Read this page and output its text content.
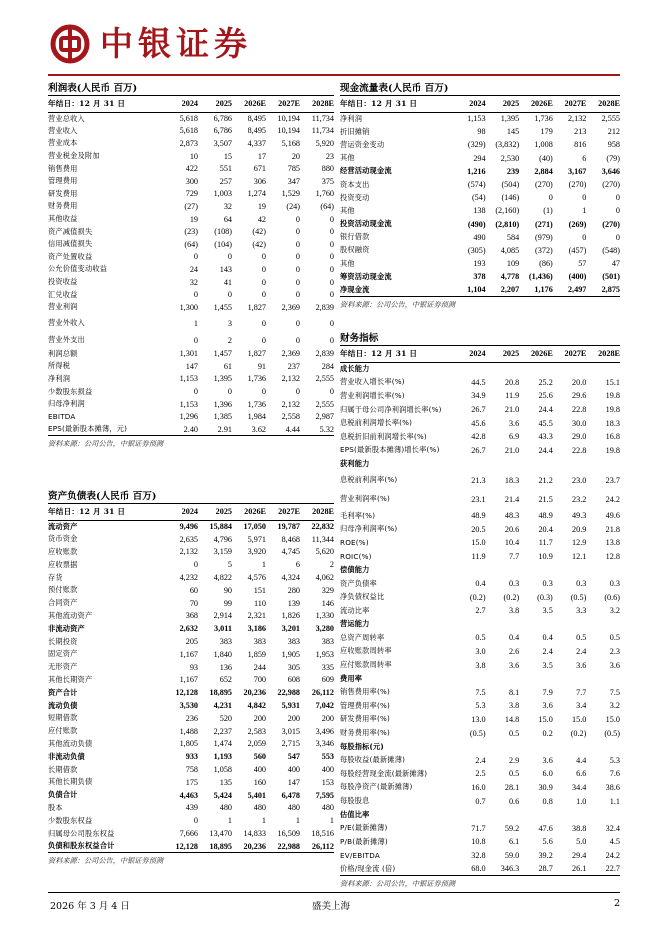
中银证券
利润表(人民币 百万)
年结日：12 月 31 日	2024	2025	2026E	2027E	2028E
营业总收入	5,618	6,786	8,495	10,194	11,734
营业收入	5,618	6,786	8,495	10,194	11,734
营业成本	2,873	3,507	4,337	5,168	5,920
营业税金及附加	10	15	17	20	23
销售费用	422	551	671	785	880
管理费用	300	257	306	347	375
研发费用	729	1,003	1,274	1,529	1,760
财务费用	(27)	32	19	(24)	(64)
其他收益	19	64	42	0	0
资产减值损失	(23)	(108)	(42)	0	0
信用减值损失	(64)	(104)	(42)	0	0
资产处置收益	0	0	0	0	0
公允价值变动收益	24	143	0	0	0
投资收益	32	41	0	0	0
汇兑收益	0	0	0	0	0
营业利润	1,300	1,455	1,827	2,369	2,839
营业外收入	1	3	0	0	0
营业外支出	0	2	0	0	0
利润总额	1,301	1,457	1,827	2,369	2,839
所得税	147	61	91	237	284
净利润	1,153	1,395	1,736	2,132	2,555
少数股东损益	0	0	0	0	0
归母净利润	1,153	1,396	1,736	2,132	2,555
EBITDA	1,296	1,385	1,984	2,558	2,987
EPS(最新股本摊薄，元)	2.40	2.91	3.62	4.44	5.32
资料来源：公司公告，中银证券预测
资产负债表(人民币 百万)
年结日：12 月 31 日	2024	2025	2026E	2027E	2028E
流动资产	9,496	15,884	17,050	19,787	22,832
货币资金	2,635	4,796	5,971	8,468	11,344
应收账款	2,132	3,159	3,920	4,745	5,620
应收票据	0	5	1	6	2
存货	4,232	4,822	4,576	4,324	4,062
预付账款	60	90	151	280	329
合同资产	70	99	110	139	146
其他流动资产	368	2,914	2,321	1,826	1,330
非流动资产	2,632	3,011	3,186	3,201	3,280
长期投资	205	383	383	383	383
固定资产	1,167	1,840	1,859	1,905	1,953
无形资产	93	136	244	305	335
其他长期资产	1,167	652	700	608	609
资产合计	12,128	18,895	20,236	22,988	26,112
流动负债	3,530	4,231	4,842	5,931	7,042
短期借款	236	520	200	200	200
应付账款	1,488	2,237	2,583	3,015	3,496
其他流动负债	1,805	1,474	2,059	2,715	3,346
非流动负债	933	1,193	560	547	553
长期借款	758	1,058	400	400	400
其他长期负债	175	135	160	147	153
负债合计	4,463	5,424	5,401	6,478	7,595
股本	439	480	480	480	480
少数股东权益	0	1	1	1	1
归属母公司股东权益	7,666	13,470	14,833	16,509	18,516
负债和股东权益合计	12,128	18,895	20,236	22,988	26,112
资料来源：公司公告，中银证券预测
现金流量表(人民币 百万)
年结日：12 月 31 日	2024	2025	2026E	2027E	2028E
净利润	1,153	1,395	1,736	2,132	2,555
折旧摊销	98	145	179	213	212
营运资金变动	(329)	(3,832)	1,008	816	958
其他	294	2,530	(40)	6	(79)
经营活动现金流	1,216	239	2,884	3,167	3,646
资本支出	(574)	(504)	(270)	(270)	(270)
投资变动	(54)	(146)	0	0	0
其他	138	(2,160)	(1)	1	0
投资活动现金流	(490)	(2,810)	(271)	(269)	(270)
银行借款	490	584	(979)	0	0
股权融资	(305)	4,085	(372)	(457)	(548)
其他	193	109	(86)	57	47
筹资活动现金流	378	4,778	(1,436)	(400)	(501)
净现金流	1,104	2,207	1,176	2,497	2,875
资料来源：公司公告，中银证券预测
财务指标
年结日：12 月 31 日	2024	2025	2026E	2027E	2028E
成长能力					
营业收入增长率(%)	44.5	20.8	25.2	20.0	15.1
营业利润增长率(%)	34.9	11.9	25.6	29.6	19.8
归属于母公司净利润增长率(%)	26.7	21.0	24.4	22.8	19.8
息税前利润增长率(%)	45.6	3.6	45.5	30.0	18.3
息税折旧前利润增长率(%)	42.8	6.9	43.3	29.0	16.8
EPS(最新股本摊薄)增长率(%)	26.7	21.0	24.4	22.8	19.8
获利能力					
息税前利润率(%)	21.3	18.3	21.2	23.0	23.7
营业利润率(%)	23.1	21.4	21.5	23.2	24.2
毛利率(%)	48.9	48.3	48.9	49.3	49.6
归母净利润率(%)	20.5	20.6	20.4	20.9	21.8
ROE(%)	15.0	10.4	11.7	12.9	13.8
ROIC(%)	11.9	7.7	10.9	12.1	12.8
偿债能力					
资产负债率	0.4	0.3	0.3	0.3	0.3
净负债权益比	(0.2)	(0.2)	(0.3)	(0.5)	(0.6)
流动比率	2.7	3.8	3.5	3.3	3.2
营运能力					
总资产周转率	0.5	0.4	0.4	0.5	0.5
应收账款周转率	3.0	2.6	2.4	2.4	2.3
应付账款周转率	3.8	3.6	3.5	3.6	3.6
费用率					
销售费用率(%)	7.5	8.1	7.9	7.7	7.5
管理费用率(%)	5.3	3.8	3.6	3.4	3.2
研发费用率(%)	13.0	14.8	15.0	15.0	15.0
财务费用率(%)	(0.5)	0.5	0.2	(0.2)	(0.5)
每股指标(元)					
每股收益(最新摊薄)	2.4	2.9	3.6	4.4	5.3
每股经营现金流(最新摊薄)	2.5	0.5	6.0	6.6	7.6
每股净资产(最新摊薄)	16.0	28.1	30.9	34.4	38.6
每股股息	0.7	0.6	0.8	1.0	1.1
估值比率					
P/E(最新摊薄)	71.7	59.2	47.6	38.8	32.4
P/B(最新摊薄)	10.8	6.1	5.6	5.0	4.5
EV/EBITDA	32.8	59.0	39.2	29.4	24.2
价格/现金流 (倍)	68.0	346.3	28.7	26.1	22.7
资料来源：公司公告，中银证券预测
2026 年 3 月 4 日	盛美上海	2
